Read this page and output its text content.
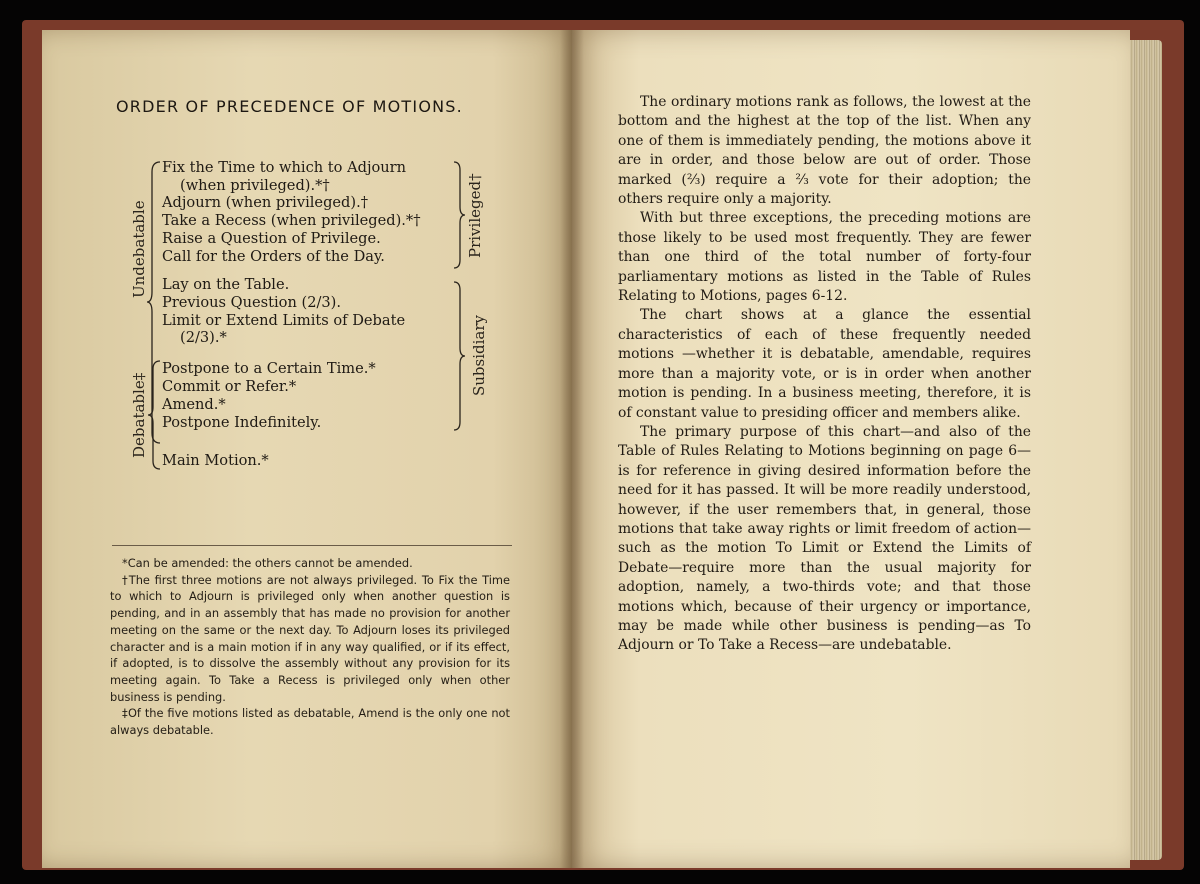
ORDER OF PRECEDENCE OF MOTIONS.
Undebatable
Debatable‡
Privileged†
Subsidiary
Fix the Time to which to Adjourn
(when privileged).*†
Adjourn (when privileged).†
Take a Recess (when privileged).*†
Raise a Question of Privilege.
Call for the Orders of the Day.
Lay on the Table.
Previous Question (2/3).
Limit or Extend Limits of Debate
(2/3).*
Postpone to a Certain Time.*
Commit or Refer.*
Amend.*
Postpone Indefinitely.
Main Motion.*

*Can be amended: the others cannot be amended.

†The first three motions are not always privileged. To Fix the Time to which to Adjourn is privileged only when another question is pending, and in an assembly that has made no provision for another meeting on the same or the next day. To Adjourn loses its privileged character and is a main motion if in any way qualified, or if its effect, if adopted, is to dissolve the assembly without any provision for its meeting again. To Take a Recess is privileged only when other business is pending.

‡Of the five motions listed as debatable, Amend is the only one not always debatable.

The ordinary motions rank as follows, the lowest at the bottom and the highest at the top of the list. When any one of them is immediately pending, the motions above it are in order, and those below are out of order. Those marked (⅔) require a ⅔ vote for their adoption; the others require only a majority.

With but three exceptions, the preceding motions are those likely to be used most frequently. They are fewer than one third of the total number of forty-four parliamentary motions as listed in the Table of Rules Relating to Motions, pages 6-12.

The chart shows at a glance the essential characteristics of each of these frequently needed motions —whether it is debatable, amendable, requires more than a majority vote, or is in order when another motion is pending. In a business meeting, therefore, it is of constant value to presiding officer and members alike.

The primary purpose of this chart—and also of the Table of Rules Relating to Motions beginning on page 6—is for reference in giving desired information before the need for it has passed. It will be more readily understood, however, if the user remembers that, in general, those motions that take away rights or limit freedom of action—such as the motion To Limit or Extend the Limits of Debate—require more than the usual majority for adoption, namely, a two-thirds vote; and that those motions which, because of their urgency or importance, may be made while other business is pending—as To Adjourn or To Take a Recess—are undebatable.
